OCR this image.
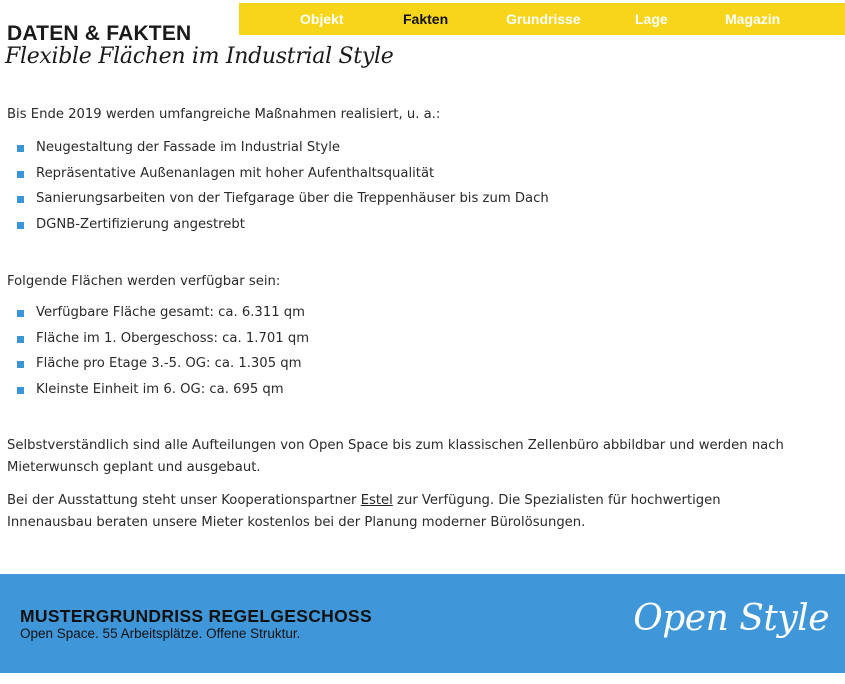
Objekt	Fakten	Grundrisse	Lage	Magazin
DATEN & FAKTEN
Flexible Flächen im Industrial Style
Bis Ende 2019 werden umfangreiche Maßnahmen realisiert, u. a.:
Neugestaltung der Fassade im Industrial Style
Repräsentative Außenanlagen mit hoher Aufenthaltsqualität
Sanierungsarbeiten von der Tiefgarage über die Treppenhäuser bis zum Dach
DGNB-Zertifizierung angestrebt
Folgende Flächen werden verfügbar sein:
Verfügbare Fläche gesamt: ca. 6.311 qm
Fläche im 1. Obergeschoss: ca. 1.701 qm
Fläche pro Etage 3.-5. OG: ca. 1.305 qm
Kleinste Einheit im 6. OG: ca. 695 qm
Selbstverständlich sind alle Aufteilungen von Open Space bis zum klassischen Zellenbüro abbildbar und werden nach Mieterwunsch geplant und ausgebaut.
Bei der Ausstattung steht unser Kooperationspartner Estel zur Verfügung. Die Spezialisten für hochwertigen Innenausbau beraten unsere Mieter kostenlos bei der Planung moderner Bürolösungen.
MUSTERGRUNDRISS REGELGESCHOSS
Open Space. 55 Arbeitsplätze. Offene Struktur.	Open Style
